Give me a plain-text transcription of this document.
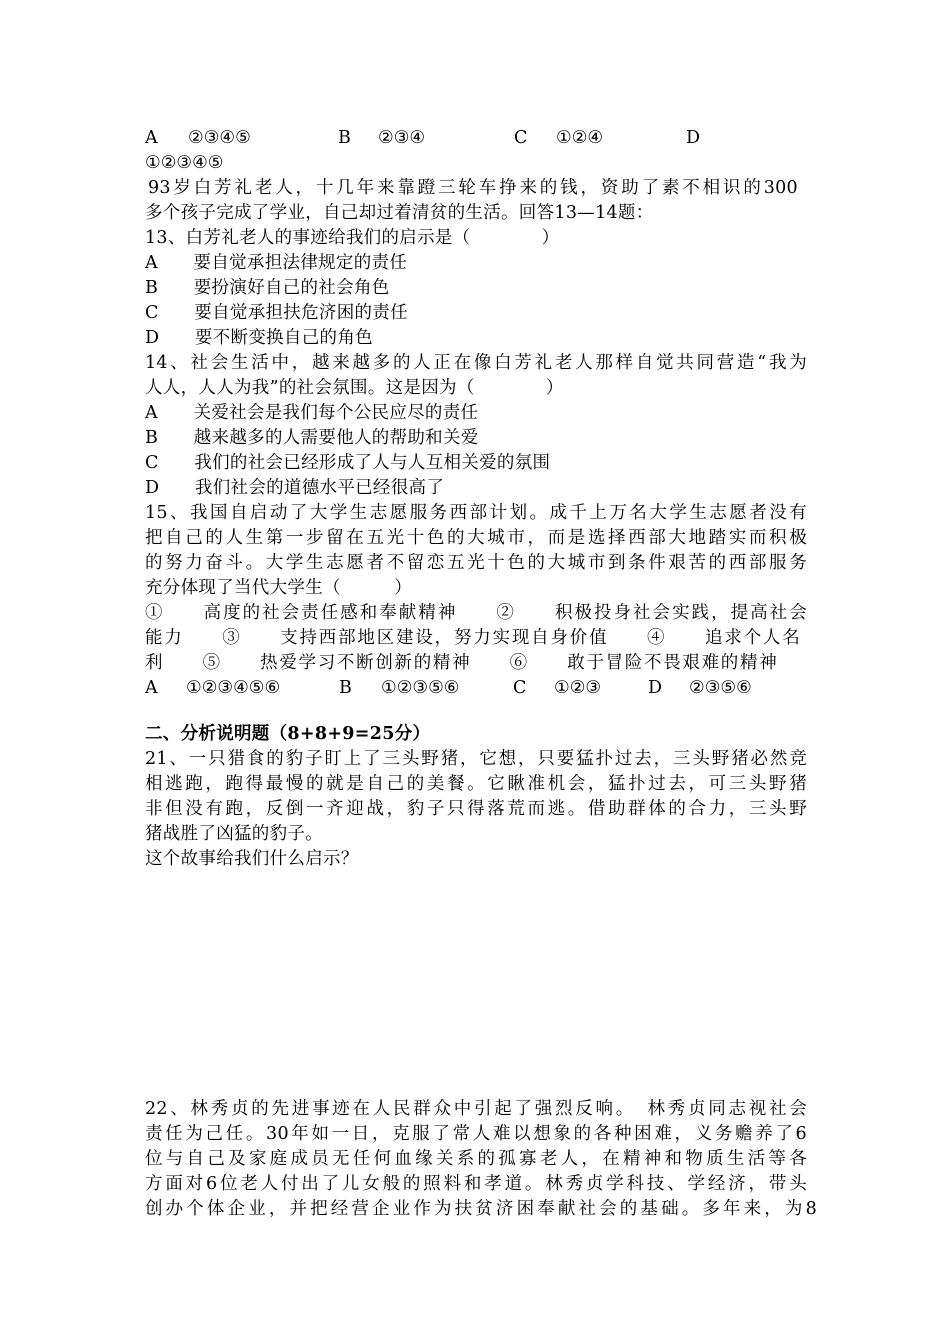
A ②③④⑤	B ②③④	C ①②④	D
①②③④⑤
93岁白芳礼老人，十几年来靠蹬三轮车挣来的钱，资助了素不相识的300
多个孩子完成了学业，自己却过着清贫的生活。回答13—14题：
13、白芳礼老人的事迹给我们的启示是（　　　　）
A　　要自觉承担法律规定的责任
B　　要扮演好自己的社会角色
C　　要自觉承担扶危济困的责任
D　　要不断变换自己的角色
14、社会生活中，越来越多的人正在像白芳礼老人那样自觉共同营造“我为
人人，人人为我”的社会氛围。这是因为（　　　　）
A　　关爱社会是我们每个公民应尽的责任
B　　越来越多的人需要他人的帮助和关爱
C　　我们的社会已经形成了人与人互相关爱的氛围
D　　我们社会的道德水平已经很高了
15、我国自启动了大学生志愿服务西部计划。成千上万名大学生志愿者没有
把自己的人生第一步留在五光十色的大城市，而是选择西部大地踏实而积极
的努力奋斗。大学生志愿者不留恋五光十色的大城市到条件艰苦的西部服务
充分体现了当代大学生（　　　）
①　　高度的社会责任感和奉献精神　　②　　积极投身社会实践，提高社会
能力　　③　　支持西部地区建设，努力实现自身价值　　④　　追求个人名
利　　⑤　　热爱学习不断创新的精神　　⑥　　敢于冒险不畏艰难的精神
A ①②③④⑤⑥	B ①②③⑤⑥	C ①②③	D ②③⑤⑥
二、分析说明题（8+8+9=25分）
21、一只猎食的豹子盯上了三头野猪，它想，只要猛扑过去，三头野猪必然竞
相逃跑，跑得最慢的就是自己的美餐。它瞅准机会，猛扑过去，可三头野猪
非但没有跑，反倒一齐迎战，豹子只得落荒而逃。借助群体的合力，三头野
猪战胜了凶猛的豹子。
这个故事给我们什么启示？
22、林秀贞的先进事迹在人民群众中引起了强烈反响。　林秀贞同志视社会
责任为己任。30年如一日，克服了常人难以想象的各种困难，义务赡养了6
位与自己及家庭成员无任何血缘关系的孤寡老人，在精神和物质生活等各
方面对6位老人付出了儿女般的照料和孝道。林秀贞学科技、学经济，带头
创办个体企业，并把经营企业作为扶贫济困奉献社会的基础。多年来，为8
